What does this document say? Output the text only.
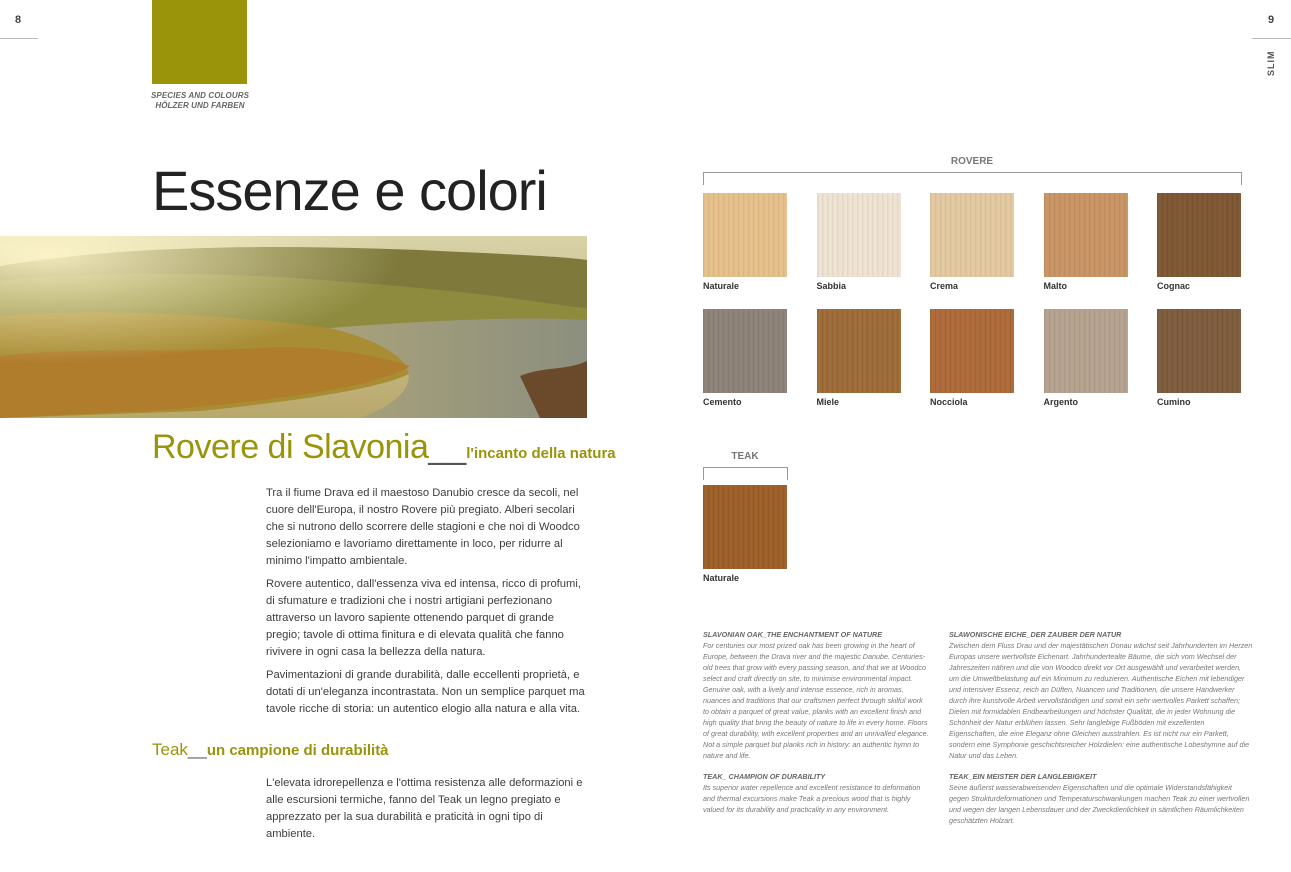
8
SPECIES AND COLOURS
HÖLZER UND FARBEN
Essenze e colori
Rovere di Slavonia__l'incanto della natura

Tra il fiume Drava ed il maestoso Danubio cresce da secoli, nel cuore dell'Europa, il nostro Rovere più pregiato. Alberi secolari che si nutrono dello scorrere delle stagioni e che noi di Woodco selezioniamo e lavoriamo direttamente in loco, per ridurre al minimo l'impatto ambientale.

Rovere autentico, dall'essenza viva ed intensa, ricco di profumi, di sfumature e tradizioni che i nostri artigiani perfezionano attraverso un lavoro sapiente ottenendo parquet di grande pregio; tavole di ottima finitura e di elevata qualità che fanno rivivere in ogni casa la bellezza della natura.

Pavimentazioni di grande durabilità, dalle eccellenti proprietà, e dotati di un'eleganza incontrastata. Non un semplice parquet ma tavole ricche di storia: un autentico elogio alla natura e alla vita.

Teak__un campione di durabilità

L'elevata idrorepellenza e l'ottima resistenza alle deformazioni e alle escursioni termiche, fanno del Teak un legno pregiato e apprezzato per la sua durabilità e praticità in ogni tipo di ambiente.

9
SLIM
ROVERE
Naturale	Sabbia	Crema	Malto	Cognac
Cemento	Miele	Nocciola	Argento	Cumino
TEAK
Naturale
SLAVONIAN OAK_THE ENCHANTMENT OF NATURE
For centuries our most prized oak has been growing in the heart of Europe, between the Drava river and the majestic Danube. Centuries-old trees that grow with every passing season, and that we at Woodco select and craft directly on site, to minimise environmental impact. Genuine oak, with a lively and intense essence, rich in aromas, nuances and traditions that our craftsmen perfect through skilful work to obtain a parquet of great value, planks with an excellent finish and high quality that bring the beauty of nature to life in every home. Floors of great durability, with excellent properties and an unrivalled elegance. Not a simple parquet but planks rich in history: an authentic hymn to nature and life.
TEAK_ CHAMPION OF DURABILITY
Its superior water repellence and excellent resistance to deformation and thermal excursions make Teak a precious wood that is highly valued for its durability and practicality in any environment.
SLAWONISCHE EICHE_DER ZAUBER DER NATUR
Zwischen dem Fluss Drau und der majestätischen Donau wächst seit Jahrhunderten im Herzen Europas unsere wertvollste Eichenart. Jahrhundertealte Bäume, die sich vom Wechsel der Jahreszeiten nähren und die von Woodco direkt vor Ort ausgewählt und verarbeitet werden, um die Umweltbelastung auf ein Minimum zu reduzieren. Authentische Eichen mit lebendiger und intensiver Essenz, reich an Düften, Nuancen und Traditionen, die unsere Handwerker durch ihre kunstvolle Arbeit vervollständigen und somit ein sehr wertvolles Parkett schaffen; Dielen mit formidablen Endbearbeitungen und höchster Qualität, die in jeder Wohnung die Schönheit der Natur erblühen lassen. Sehr langlebige Fußböden mit exzellenten Eigenschaften, die eine Eleganz ohne Gleichen ausstrahlen. Es ist nicht nur ein Parkett, sondern eine Symphonie geschichtsreicher Holzdielen: eine authentische Lobeshymne auf die Natur und das Leben.
TEAK_EIN MEISTER DER LANGLEBIGKEIT
Seine äußerst wasserabweisenden Eigenschaften und die optimale Widerstandsfähigkeit gegen Strukturdeformationen und Temperaturschwankungen machen Teak zu einer wertvollen und wegen der langen Lebensdauer und der Zweckdienlichkeit in sämtlichen Räumlichkeiten geschätzten Holzart.
